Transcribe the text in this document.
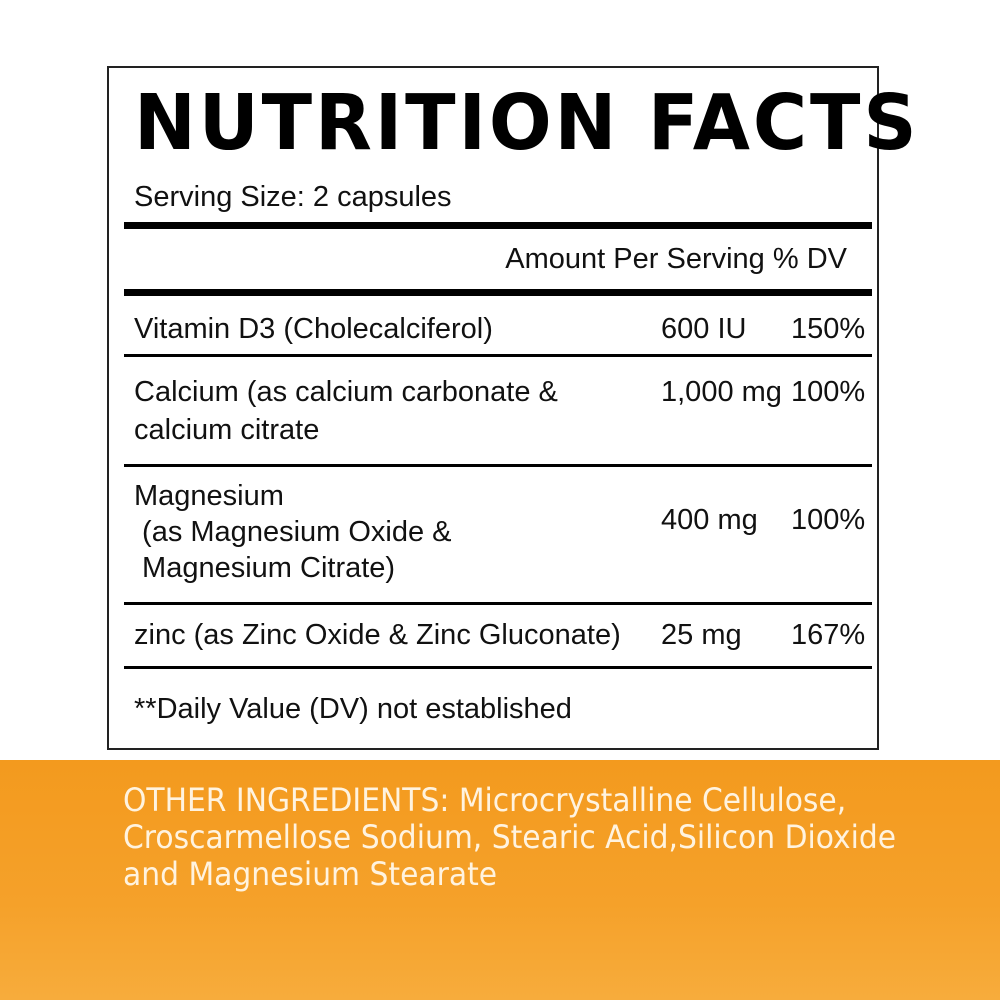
NUTRITION FACTS
Serving Size: 2 capsules
Amount Per Serving % DV
Vitamin D3 (Cholecalciferol)	600 IU 150%
Calcium (as calcium carbonate &
calcium citrate
1,000 mg 100%
Magnesium
(as Magnesium Oxide &
Magnesium Citrate)
400 mg 100%
zinc (as Zinc Oxide & Zinc Gluconate) 25 mg 167%
**Daily Value (DV) not established
OTHER INGREDIENTS: Microcrystalline Cellulose,
Croscarmellose Sodium, Stearic Acid,Silicon Dioxide
and Magnesium Stearate
